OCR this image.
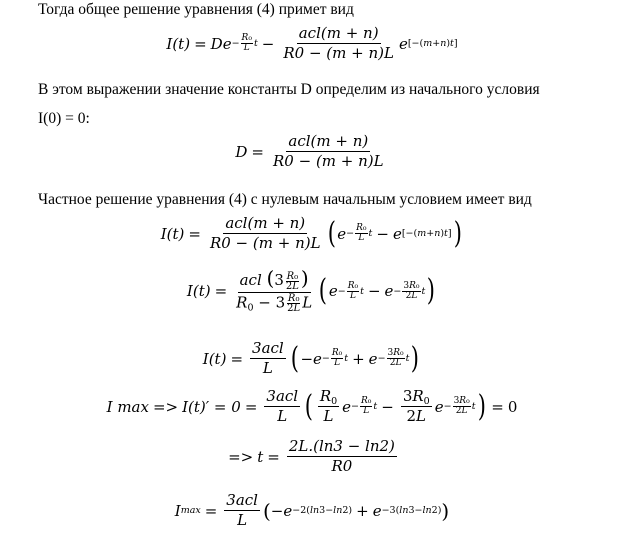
Тогда общее решение уравнения (4) примет вид
I(t) = D $e - \frac{\text{R₀}}{L}$ $t - \frac{\text{acl(m + n)}}{R0 - (m + n)L}$ e [−(m+n)t]
В этом выражении значение константы D определим из начального условия
I(0) = 0:
$D = \frac{\text{acl(m + n)}}{R0 - (m + n)L}$
Частное решение уравнения (4) с нулевым начальным условием имеет вид
$I(t) = \frac{\text{acl(m + n)}}{R0 - (m + n)L}$ ( $e - \frac{\text{R₀}}{L}$ t − e [−(m+n)t] )
$I(t) = \frac{acl (3 \frac{\text{R₀}}{2L} )}{R_0 - 3 \frac{\text{R₀}}{2L} L}$ ( $e - \frac{\text{R₀}}{L}$ $t - e - \frac{\text{3R₀}}{2L}$ t )
$I(t) = \frac{\text{3acl}}{L}$ ( − $e - \frac{\text{R₀}}{L}$ $t + e - \frac{\text{3R₀}}{2L}$ t )
I $\max => I(t)' = 0 = \frac{\text{3acl}}{L}$ ( $\frac{R_0}{L}$ $e - \frac{\text{R₀}}{L}$ $t - \frac{3R_0}{2L}$ $e - \frac{\text{3R₀}}{2L}$ t ) = 0
=> $t = \frac{2L.(\ln 3 - \ln 2)}{R0}$
I $\max = \frac{\text{3acl}}{L}$ ( − e −2(ln3−ln2) + e −3(ln3−ln2) )
